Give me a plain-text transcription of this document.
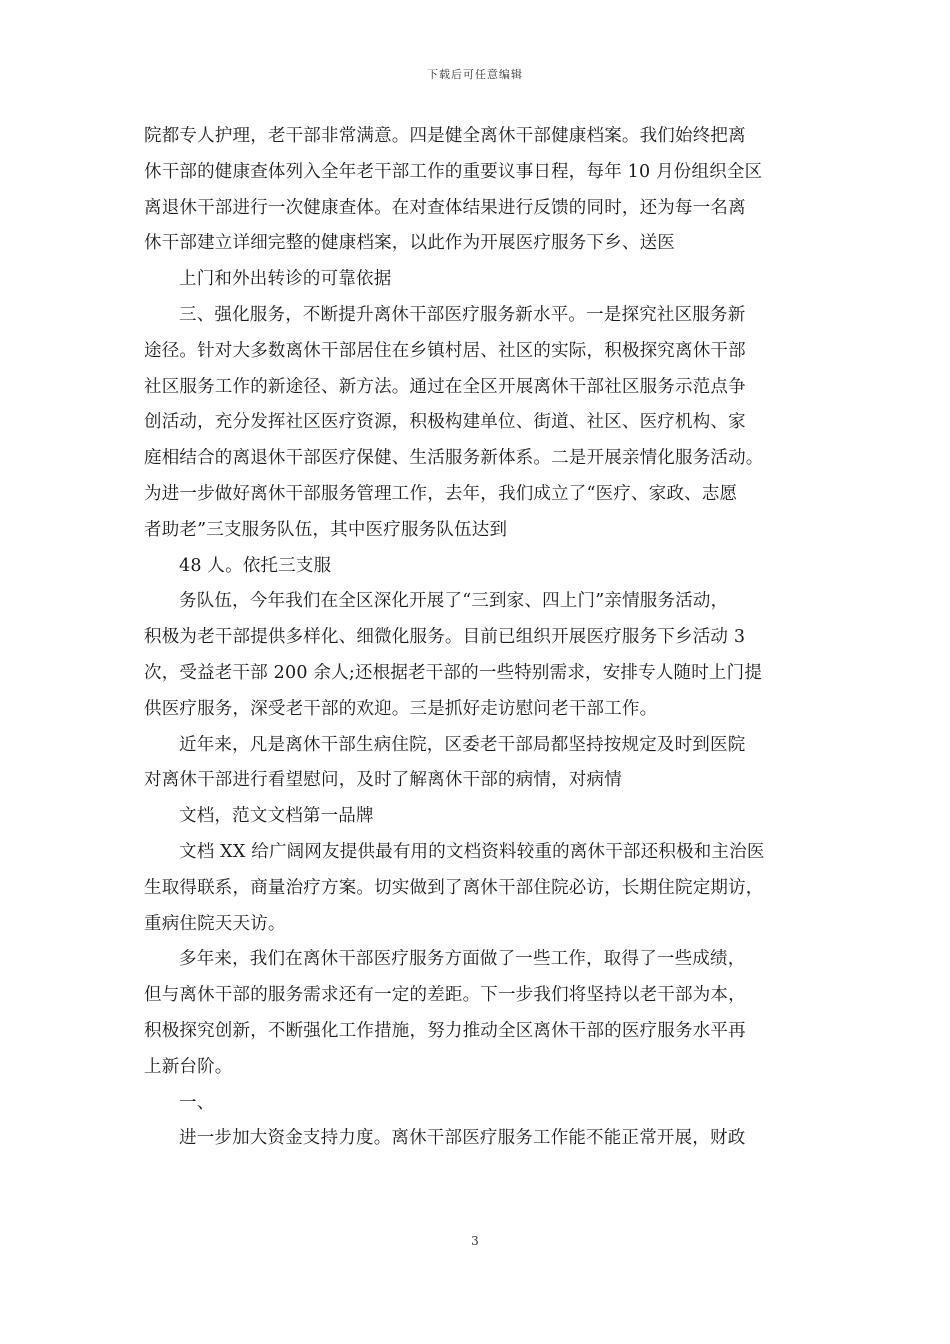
下载后可任意编辑
院都专人护理，老干部非常满意。四是健全离休干部健康档案。我们始终把离
休干部的健康查体列入全年老干部工作的重要议事日程，每年 10 月份组织全区
离退休干部进行一次健康查体。在对查体结果进行反馈的同时，还为每一名离
休干部建立详细完整的健康档案，以此作为开展医疗服务下乡、送医
上门和外出转诊的可靠依据
三、强化服务，不断提升离休干部医疗服务新水平。一是探究社区服务新
途径。针对大多数离休干部居住在乡镇村居、社区的实际，积极探究离休干部
社区服务工作的新途径、新方法。通过在全区开展离休干部社区服务示范点争
创活动，充分发挥社区医疗资源，积极构建单位、街道、社区、医疗机构、家
庭相结合的离退休干部医疗保健、生活服务新体系。二是开展亲情化服务活动。
为进一步做好离休干部服务管理工作，去年，我们成立了“医疗、家政、志愿
者助老”三支服务队伍，其中医疗服务队伍达到
48 人。依托三支服
务队伍，今年我们在全区深化开展了“三到家、四上门”亲情服务活动，
积极为老干部提供多样化、细微化服务。目前已组织开展医疗服务下乡活动 3
次，受益老干部 200 余人;还根据老干部的一些特别需求，安排专人随时上门提
供医疗服务，深受老干部的欢迎。三是抓好走访慰问老干部工作。
近年来，凡是离休干部生病住院，区委老干部局都坚持按规定及时到医院
对离休干部进行看望慰问，及时了解离休干部的病情，对病情
文档，范文文档第一品牌
文档 XX 给广阔网友提供最有用的文档资料较重的离休干部还积极和主治医
生取得联系，商量治疗方案。切实做到了离休干部住院必访，长期住院定期访，
重病住院天天访。
多年来，我们在离休干部医疗服务方面做了一些工作，取得了一些成绩，
但与离休干部的服务需求还有一定的差距。下一步我们将坚持以老干部为本，
积极探究创新，不断强化工作措施，努力推动全区离休干部的医疗服务水平再
上新台阶。
一、
进一步加大资金支持力度。离休干部医疗服务工作能不能正常开展，财政
3
